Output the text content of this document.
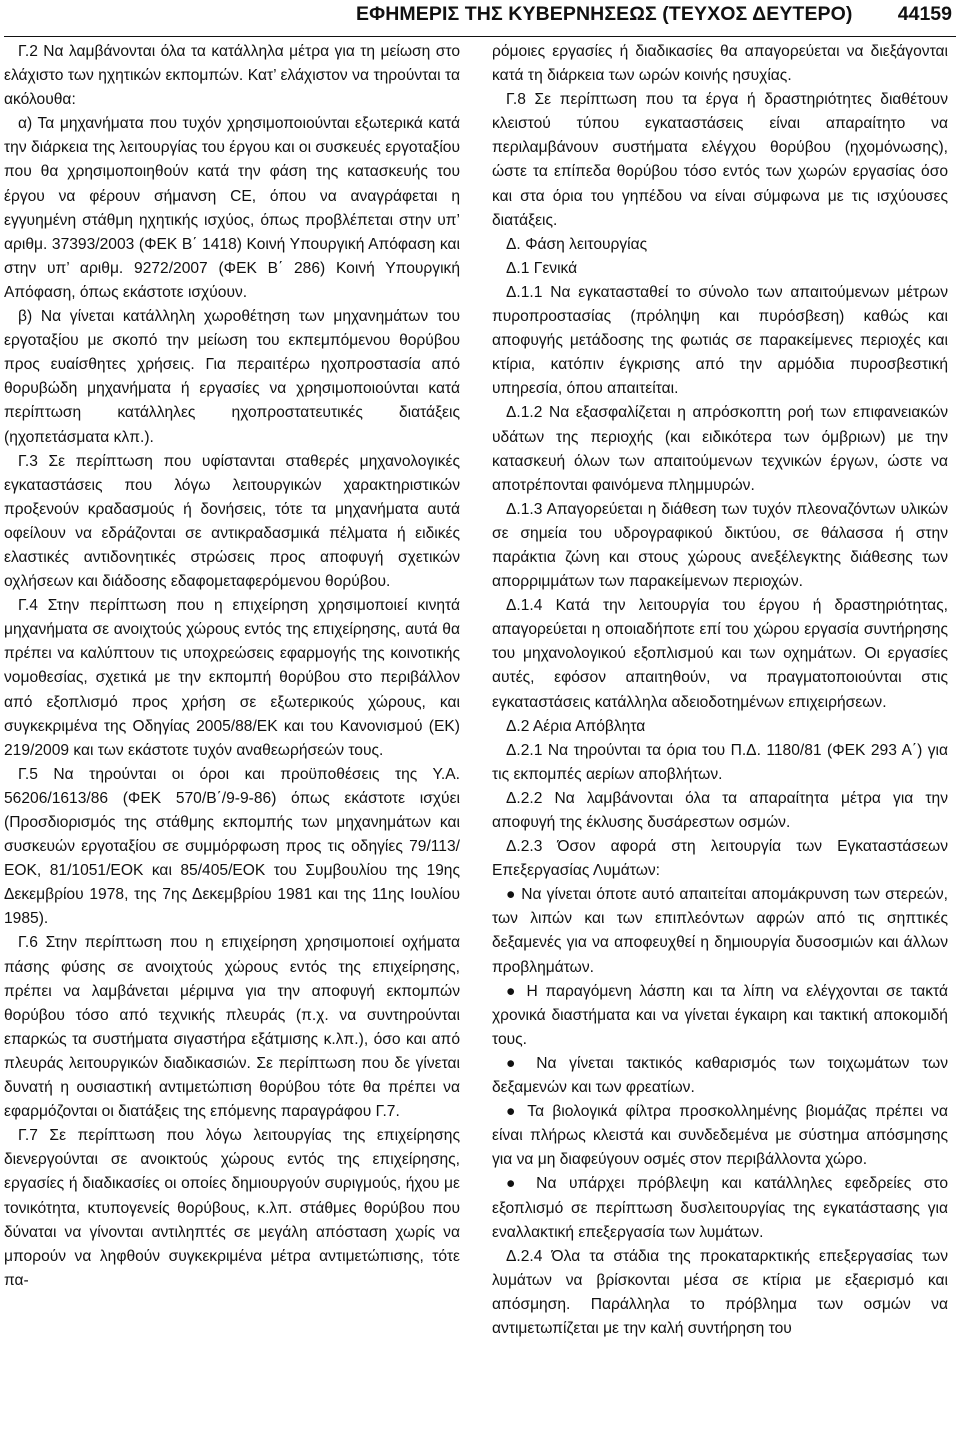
ΕΦΗΜΕΡΙΣ ΤΗΣ ΚΥΒΕΡΝΗΣΕΩΣ (ΤΕΥΧΟΣ ΔΕΥΤΕΡΟ) 44159

Γ.2 Να λαμβάνονται όλα τα κατάλληλα μέτρα για τη μείωση στο ελάχιστο των ηχητικών εκπομπών. Κατ’ ελάχιστον να τηρούνται τα ακόλουθα:

α) Τα μηχανήματα που τυχόν χρησιμοποιούνται εξωτερικά κατά την διάρκεια της λειτουργίας του έργου και οι συσκευές εργοταξίου που θα χρησιμοποιηθούν κατά την φάση της κατασκευής του έργου να φέρουν σήμανση CE, όπου να αναγράφεται η εγγυημένη στάθμη ηχητικής ισχύος, όπως προβλέπεται στην υπ’ αριθμ. 37393/2003 (ΦΕΚ Β΄ 1418) Κοινή Υπουργική Απόφαση και στην υπ’ αριθμ. 9272/2007 (ΦΕΚ Β΄ 286) Κοινή Υπουργική Απόφαση, όπως εκάστοτε ισχύουν.

β) Να γίνεται κατάλληλη χωροθέτηση των μηχανημάτων του εργοταξίου με σκοπό την μείωση του εκπεμπόμενου θορύβου προς ευαίσθητες χρήσεις. Για περαιτέρω ηχοπροστασία από θορυβώδη μηχανήματα ή εργασίες να χρησιμοποιούνται κατά περίπτωση κατάλληλες ηχοπροστατευτικές διατάξεις (ηχοπετάσματα κλπ.).

Γ.3 Σε περίπτωση που υφίστανται σταθερές μηχανολογικές εγκαταστάσεις που λόγω λειτουργικών χαρακτηριστικών προξενούν κραδασμούς ή δονήσεις, τότε τα μηχανήματα αυτά οφείλουν να εδράζονται σε αντικραδασμικά πέλματα ή ειδικές ελαστικές αντιδονητικές στρώσεις προς αποφυγή σχετικών οχλήσεων και διάδοσης εδαφομεταφερόμενου θορύβου.

Γ.4 Στην περίπτωση που η επιχείρηση χρησιμοποιεί κινητά μηχανήματα σε ανοιχτούς χώρους εντός της επιχείρησης, αυτά θα πρέπει να καλύπτουν τις υποχρεώσεις εφαρμογής της κοινοτικής νομοθεσίας, σχετικά με την εκπομπή θορύβου στο περιβάλλον από εξοπλισμό προς χρήση σε εξωτερικούς χώρους, και συγκεκριμένα της Οδηγίας 2005/88/ΕΚ και του Κανονισμού (ΕΚ) 219/2009 και των εκάστοτε τυχόν αναθεωρήσεών τους.

Γ.5 Να τηρούνται οι όροι και προϋποθέσεις της Υ.Α. 56206/1613/86 (ΦΕΚ 570/Β΄/9-9-86) όπως εκάστοτε ισχύει (Προσδιορισμός της στάθμης εκπομπής των μηχανημάτων και συσκευών εργοταξίου σε συμμόρφωση προς τις οδηγίες 79/113/ΕΟΚ, 81/1051/ΕΟΚ και 85/405/ΕΟΚ του Συμβουλίου της 19ης Δεκεμβρίου 1978, της 7ης Δεκεμβρίου 1981 και της 11ης Ιουλίου 1985).

Γ.6 Στην περίπτωση που η επιχείρηση χρησιμοποιεί οχήματα πάσης φύσης σε ανοιχτούς χώρους εντός της επιχείρησης, πρέπει να λαμβάνεται μέριμνα για την αποφυγή εκπομπών θορύβου τόσο από τεχνικής πλευράς (π.χ. να συντηρούνται επαρκώς τα συστήματα σιγαστήρα εξάτμισης κ.λπ.), όσο και από πλευράς λειτουργικών διαδικασιών. Σε περίπτωση που δε γίνεται δυνατή η ουσιαστική αντιμετώπιση θορύβου τότε θα πρέπει να εφαρμόζονται οι διατάξεις της επόμενης παραγράφου Γ.7.

Γ.7 Σε περίπτωση που λόγω λειτουργίας της επιχείρησης διενεργούνται σε ανοικτούς χώρους εντός της επιχείρησης, εργασίες ή διαδικασίες οι οποίες δημιουργούν συριγμούς, ήχου με τονικότητα, κτυπογενείς θορύβους, κ.λπ. στάθμες θορύβου που δύναται να γίνονται αντιληπτές σε μεγάλη απόσταση χωρίς να μπορούν να ληφθούν συγκεκριμένα μέτρα αντιμετώπισης, τότε πα-

ρόμοιες εργασίες ή διαδικασίες θα απαγορεύεται να διεξάγονται κατά τη διάρκεια των ωρών κοινής ησυχίας.

Γ.8 Σε περίπτωση που τα έργα ή δραστηριότητες διαθέτουν κλειστού τύπου εγκαταστάσεις είναι απαραίτητο να περιλαμβάνουν συστήματα ελέγχου θορύβου (ηχομόνωσης), ώστε τα επίπεδα θορύβου τόσο εντός των χωρών εργασίας όσο και στα όρια του γηπέδου να είναι σύμφωνα με τις ισχύουσες διατάξεις.

Δ. Φάση λειτουργίας

Δ.1 Γενικά

Δ.1.1 Να εγκατασταθεί το σύνολο των απαιτούμενων μέτρων πυροπροστασίας (πρόληψη και πυρόσβεση) καθώς και αποφυγής μετάδοσης της φωτιάς σε παρακείμενες περιοχές και κτίρια, κατόπιν έγκρισης από την αρμόδια πυροσβεστική υπηρεσία, όπου απαιτείται.

Δ.1.2 Να εξασφαλίζεται η απρόσκοπτη ροή των επιφανειακών υδάτων της περιοχής (και ειδικότερα των όμβριων) με την κατασκευή όλων των απαιτούμενων τεχνικών έργων, ώστε να αποτρέπονται φαινόμενα πλημμυρών.

Δ.1.3 Απαγορεύεται η διάθεση των τυχόν πλεοναζόντων υλικών σε σημεία του υδρογραφικού δικτύου, σε θάλασσα ή στην παράκτια ζώνη και στους χώρους ανεξέλεγκτης διάθεσης των απορριμμάτων των παρακείμενων περιοχών.

Δ.1.4 Κατά την λειτουργία του έργου ή δραστηριότητας, απαγορεύεται η οποιαδήποτε επί του χώρου εργασία συντήρησης του μηχανολογικού εξοπλισμού και των οχημάτων. Οι εργασίες αυτές, εφόσον απαιτηθούν, να πραγματοποιούνται στις εγκαταστάσεις κατάλληλα αδειοδοτημένων επιχειρήσεων.

Δ.2 Αέρια Απόβλητα

Δ.2.1 Να τηρούνται τα όρια του Π.Δ. 1180/81 (ΦΕΚ 293 Α΄) για τις εκπομπές αερίων αποβλήτων.

Δ.2.2 Να λαμβάνονται όλα τα απαραίτητα μέτρα για την αποφυγή της έκλυσης δυσάρεστων οσμών.

Δ.2.3 Όσον αφορά στη λειτουργία των Εγκαταστάσεων Επεξεργασίας Λυμάτων:

● Να γίνεται όποτε αυτό απαιτείται απομάκρυνση των στερεών, των λιπών και των επιπλεόντων αφρών από τις σηπτικές δεξαμενές για να αποφευχθεί η δημιουργία δυσοσμιών και άλλων προβλημάτων.

● Η παραγόμενη λάσπη και τα λίπη να ελέγχονται σε τακτά χρονικά διαστήματα και να γίνεται έγκαιρη και τακτική αποκομιδή τους.

● Να γίνεται τακτικός καθαρισμός των τοιχωμάτων των δεξαμενών και των φρεατίων.

● Τα βιολογικά φίλτρα προσκολλημένης βιομάζας πρέπει να είναι πλήρως κλειστά και συνδεδεμένα με σύστημα απόσμησης για να μη διαφεύγουν οσμές στον περιβάλλοντα χώρο.

● Να υπάρχει πρόβλεψη και κατάλληλες εφεδρείες στο εξοπλισμό σε περίπτωση δυσλειτουργίας της εγκατάστασης για εναλλακτική επεξεργασία των λυμάτων.

Δ.2.4 Όλα τα στάδια της προκαταρκτικής επεξεργασίας των λυμάτων να βρίσκονται μέσα σε κτίρια με εξαερισμό και απόσμηση. Παράλληλα το πρόβλημα των οσμών να αντιμετωπίζεται με την καλή συντήρηση του
